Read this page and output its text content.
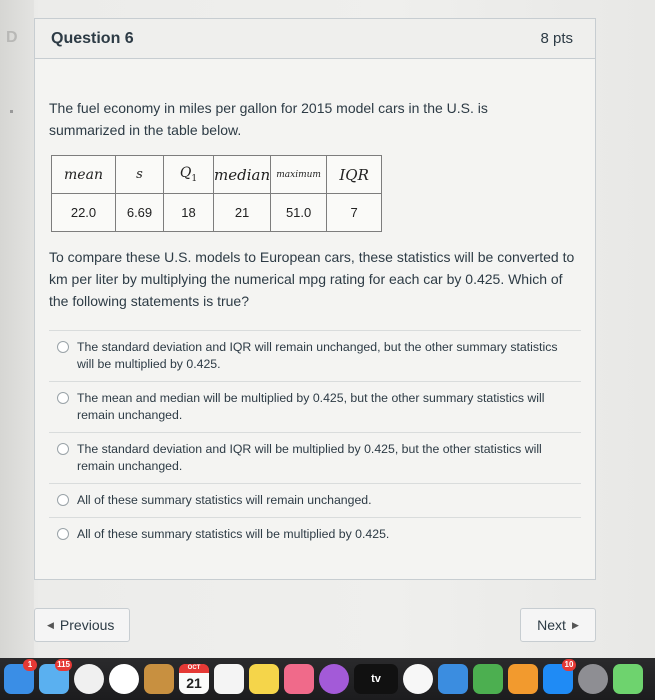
D	Question 6	8 pts
The fuel economy in miles per gallon for 2015 model cars in the U.S. is summarized in the table below.
mean	s	$Q_1$	median	maximum	IQR
22.0	6.69	18	21	51.0	7
To compare these U.S. models to European cars, these statistics will be converted to km per liter by multiplying the numerical mpg rating for each car by 0.425. Which of the following statements is true?
The standard deviation and IQR will remain unchanged, but the other summary statistics will be multiplied by 0.425.
The mean and median will be multiplied by 0.425, but the other summary statistics will remain unchanged.
The standard deviation and IQR will be multiplied by 0.425, but the other statistics will remain unchanged.
All of these summary statistics will remain unchanged.
All of these summary statistics will be multiplied by 0.425.
◀ Previous	Next ▶
1	115	OCT
21	tv
10
